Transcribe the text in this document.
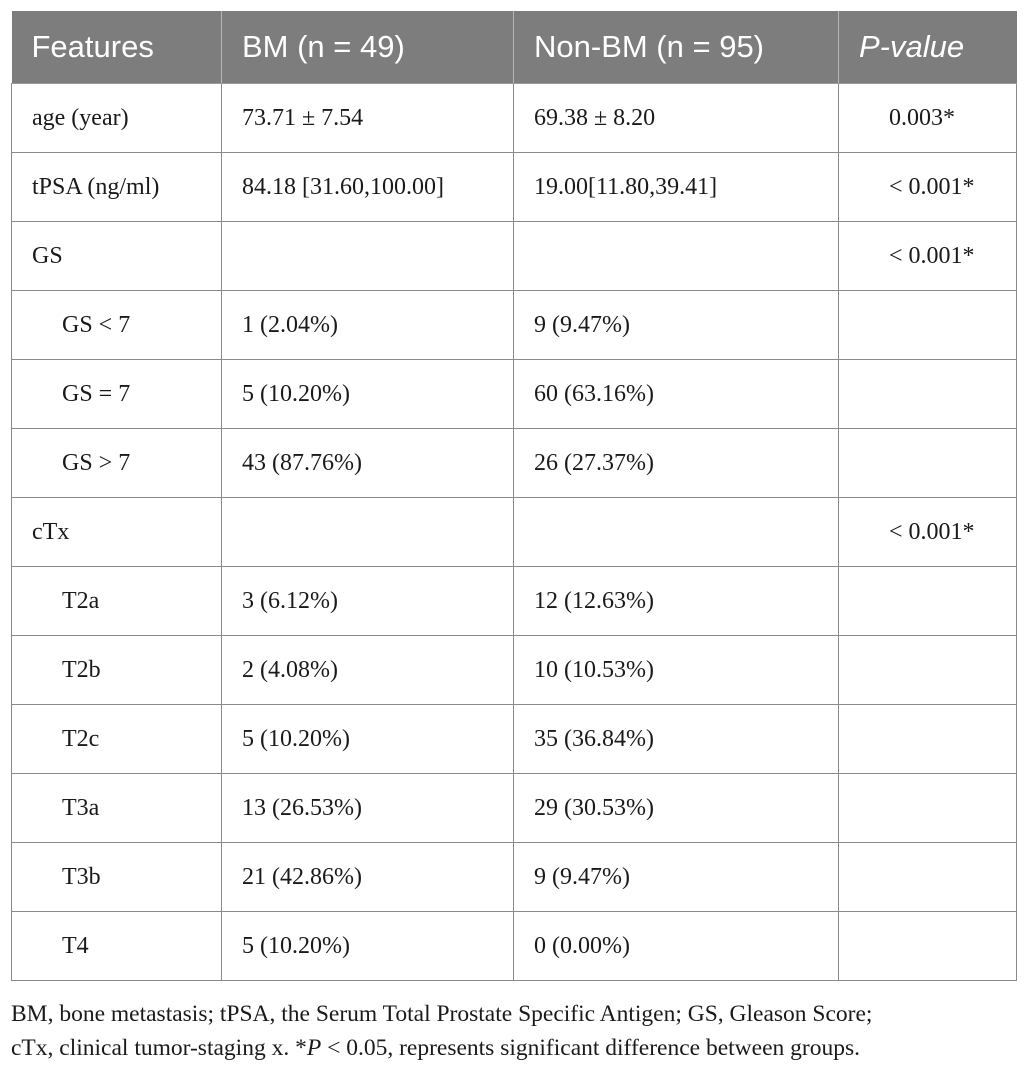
Features	BM (n = 49)	Non-BM (n = 95)	P-value
age (year)	73.71 ± 7.54	69.38 ± 8.20	0.003*
tPSA (ng/ml)	84.18 [31.60,100.00]	19.00[11.80,39.41]	< 0.001*
GS			< 0.001*
GS < 7	1 (2.04%)	9 (9.47%)	
GS = 7	5 (10.20%)	60 (63.16%)	
GS > 7	43 (87.76%)	26 (27.37%)	
cTx			< 0.001*
T2a	3 (6.12%)	12 (12.63%)	
T2b	2 (4.08%)	10 (10.53%)	
T2c	5 (10.20%)	35 (36.84%)	
T3a	13 (26.53%)	29 (30.53%)	
T3b	21 (42.86%)	9 (9.47%)	
T4	5 (10.20%)	0 (0.00%)	
BM, bone metastasis; tPSA, the Serum Total Prostate Specific Antigen; GS, Gleason Score;
cTx, clinical tumor-staging x. *P < 0.05, represents significant difference between groups.
